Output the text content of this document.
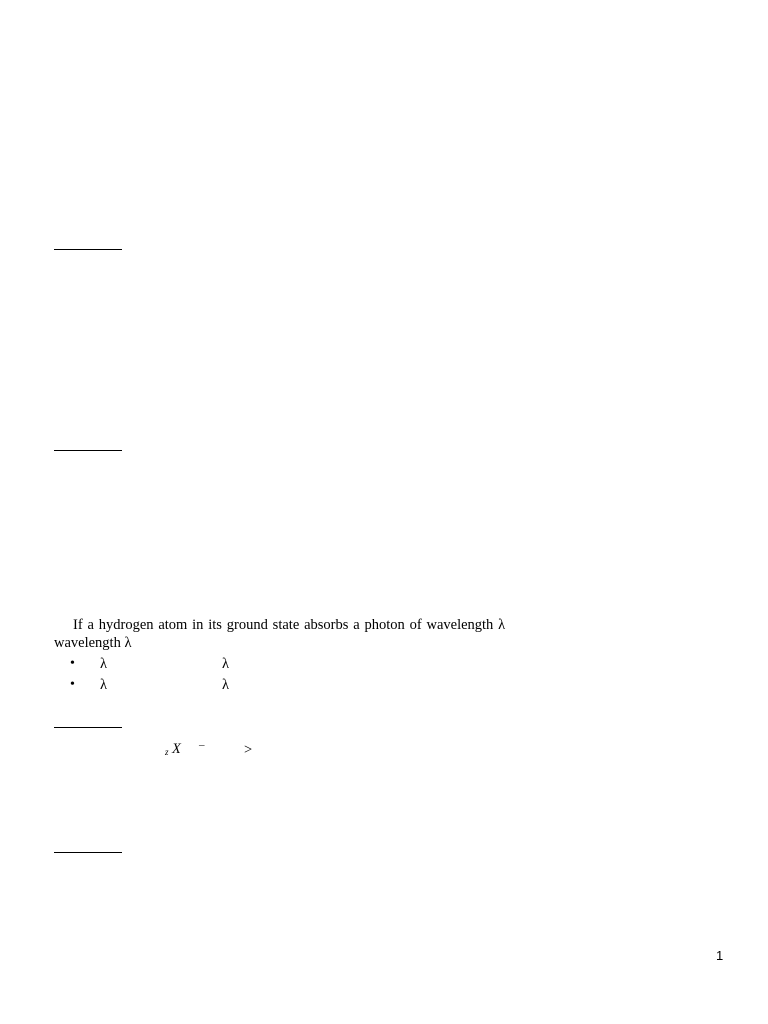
If a hydrogen atom in its ground state absorbs a photon of wavelength λ
wavelength λ
• λ	λ
• λ	λ
z X –	>
1
